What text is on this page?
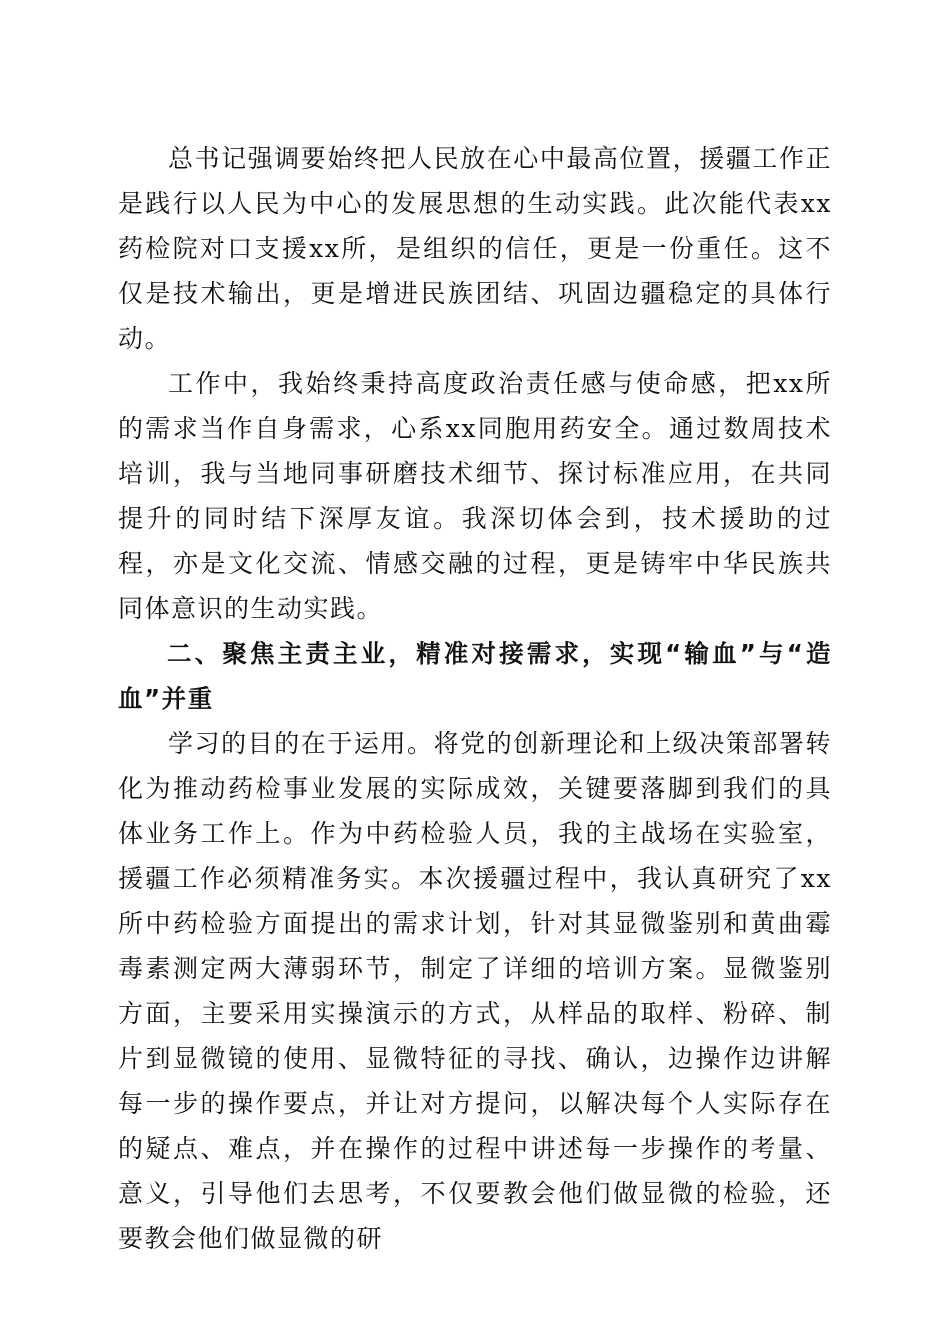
总书记强调要始终把人民放在心中最高位置，援疆工作正是践行以人民为中心的发展思想的生动实践。此次能代表xx药检院对口支援xx所，是组织的信任，更是一份重任。这不仅是技术输出，更是增进民族团结、巩固边疆稳定的具体行动。

工作中，我始终秉持高度政治责任感与使命感，把xx所的需求当作自身需求，心系xx同胞用药安全。通过数周技术培训，我与当地同事研磨技术细节、探讨标准应用，在共同提升的同时结下深厚友谊。我深切体会到，技术援助的过程，亦是文化交流、情感交融的过程，更是铸牢中华民族共同体意识的生动实践。

二、聚焦主责主业，精准对接需求，实现“输血”与“造血”并重

学习的目的在于运用。将党的创新理论和上级决策部署转化为推动药检事业发展的实际成效，关键要落脚到我们的具体业务工作上。作为中药检验人员，我的主战场在实验室，援疆工作必须精准务实。本次援疆过程中，我认真研究了xx所中药检验方面提出的需求计划，针对其显微鉴别和黄曲霉毒素测定两大薄弱环节，制定了详细的培训方案。显微鉴别方面，主要采用实操演示的方式，从样品的取样、粉碎、制片到显微镜的使用、显微特征的寻找、确认，边操作边讲解每一步的操作要点，并让对方提问，以解决每个人实际存在的疑点、难点，并在操作的过程中讲述每一步操作的考量、意义，引导他们去思考，不仅要教会他们做显微的检验，还要教会他们做显微的研
